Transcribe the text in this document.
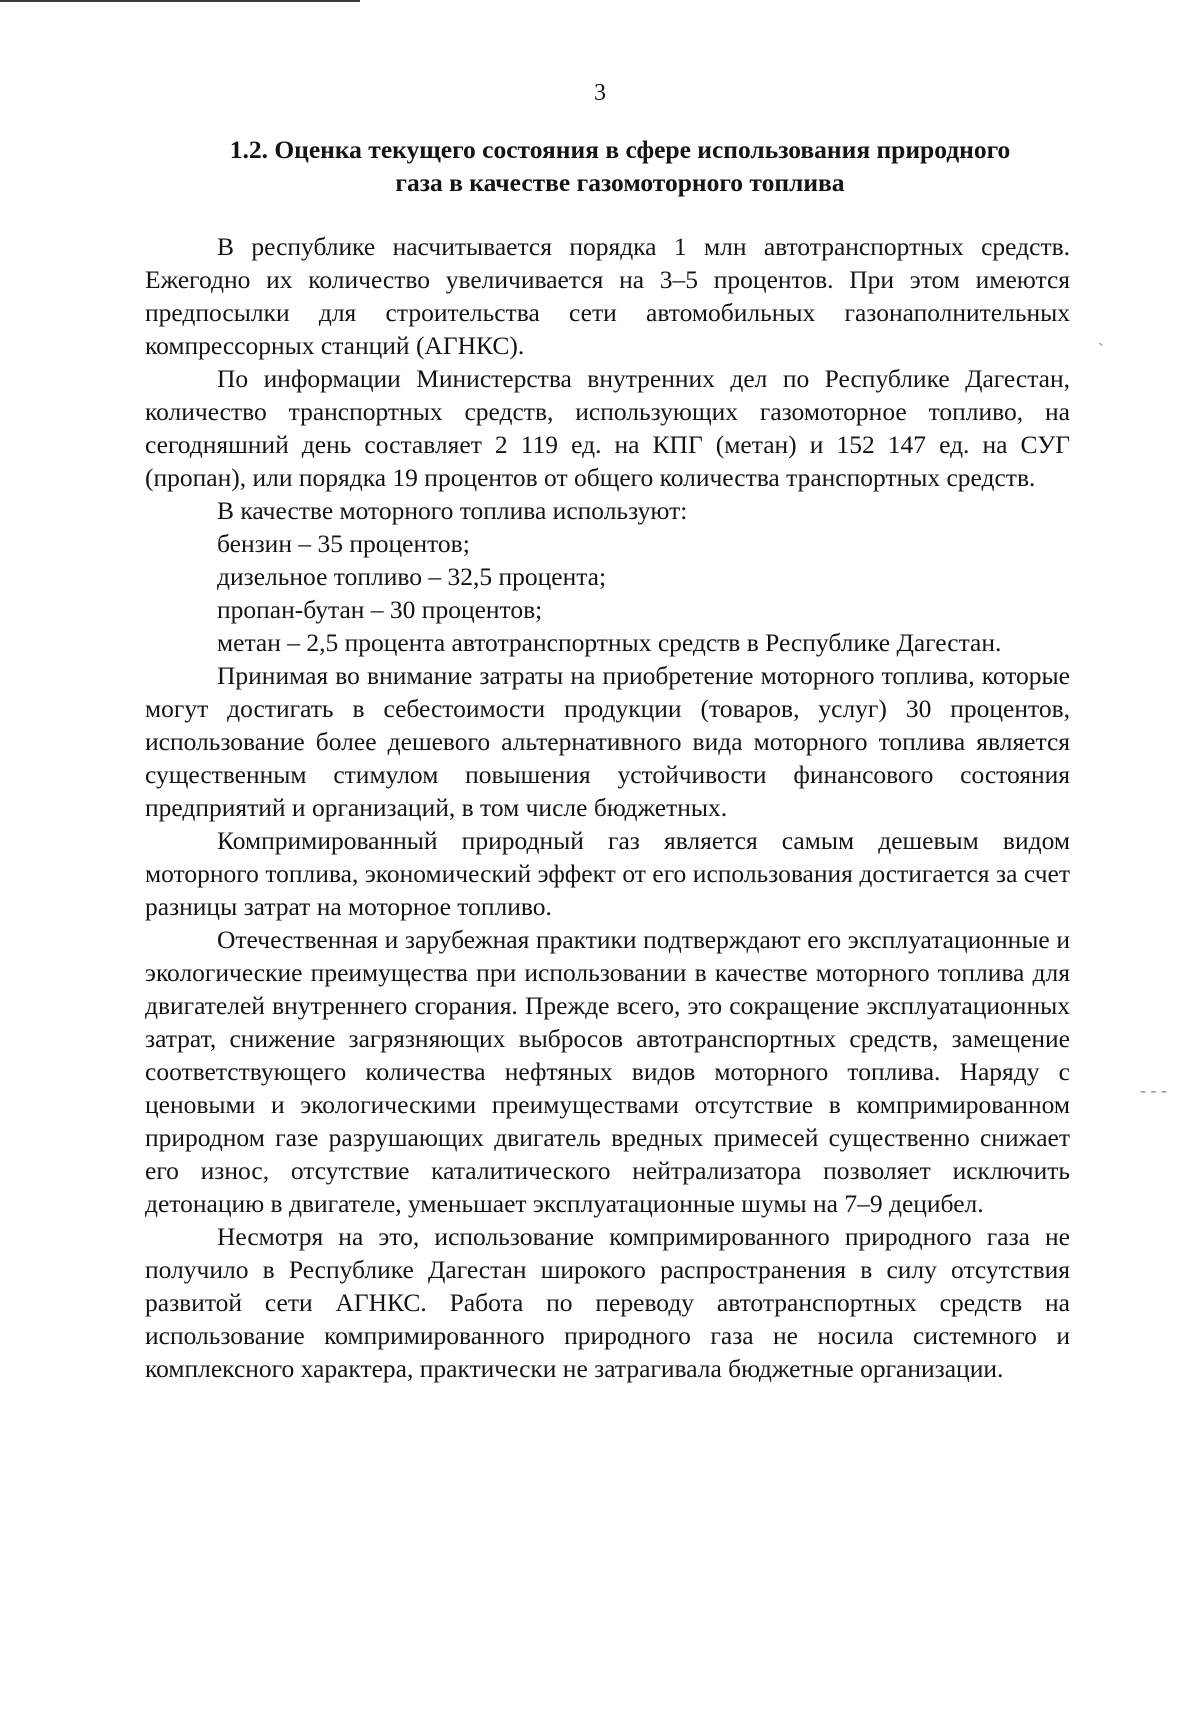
3
1.2. Оценка текущего состояния в сфере использования природного
газа в качестве газомоторного топлива

В республике насчитывается порядка 1 млн автотранспортных средств. Ежегодно их количество увеличивается на 3–5 процентов. При этом имеются предпосылки для строительства сети автомобильных газонаполнительных компрессорных станций (АГНКС).

По информации Министерства внутренних дел по Республике Дагестан, количество транспортных средств, использующих газомоторное топливо, на сегодняшний день составляет 2 119 ед. на КПГ (метан) и 152 147 ед. на СУГ (пропан), или порядка 19 процентов от общего количества транспортных средств.

В качестве моторного топлива используют:

бензин – 35 процентов;

дизельное топливо – 32,5 процента;

пропан-бутан – 30 процентов;

метан – 2,5 процента автотранспортных средств в Республике Дагестан.

Принимая во внимание затраты на приобретение моторного топлива, которые могут достигать в себестоимости продукции (товаров, услуг) 30 процентов, использование более дешевого альтернативного вида моторного топлива является существенным стимулом повышения устойчивости финансового состояния предприятий и организаций, в том числе бюджетных.

Компримированный природный газ является самым дешевым видом моторного топлива, экономический эффект от его использования достигается за счет разницы затрат на моторное топливо.

Отечественная и зарубежная практики подтверждают его эксплуатационные и экологические преимущества при использовании в качестве моторного топлива для двигателей внутреннего сгорания. Прежде всего, это сокращение эксплуатационных затрат, снижение загрязняющих выбросов автотранспортных средств, замещение соответствующего количества нефтяных видов моторного топлива. Наряду с ценовыми и экологическими преимуществами отсутствие в компримированном природном газе разрушающих двигатель вредных примесей существенно снижает его износ, отсутствие каталитического нейтрализатора позволяет исключить детонацию в двигателе, уменьшает эксплуатационные шумы на 7–9 децибел.

Несмотря на это, использование компримированного природного газа не получило в Республике Дагестан широкого распространения в силу отсутствия развитой сети АГНКС. Работа по переводу автотранспортных средств на использование компримированного природного газа не носила системного и комплексного характера, практически не затрагивала бюджетные организации.

`
- - -
